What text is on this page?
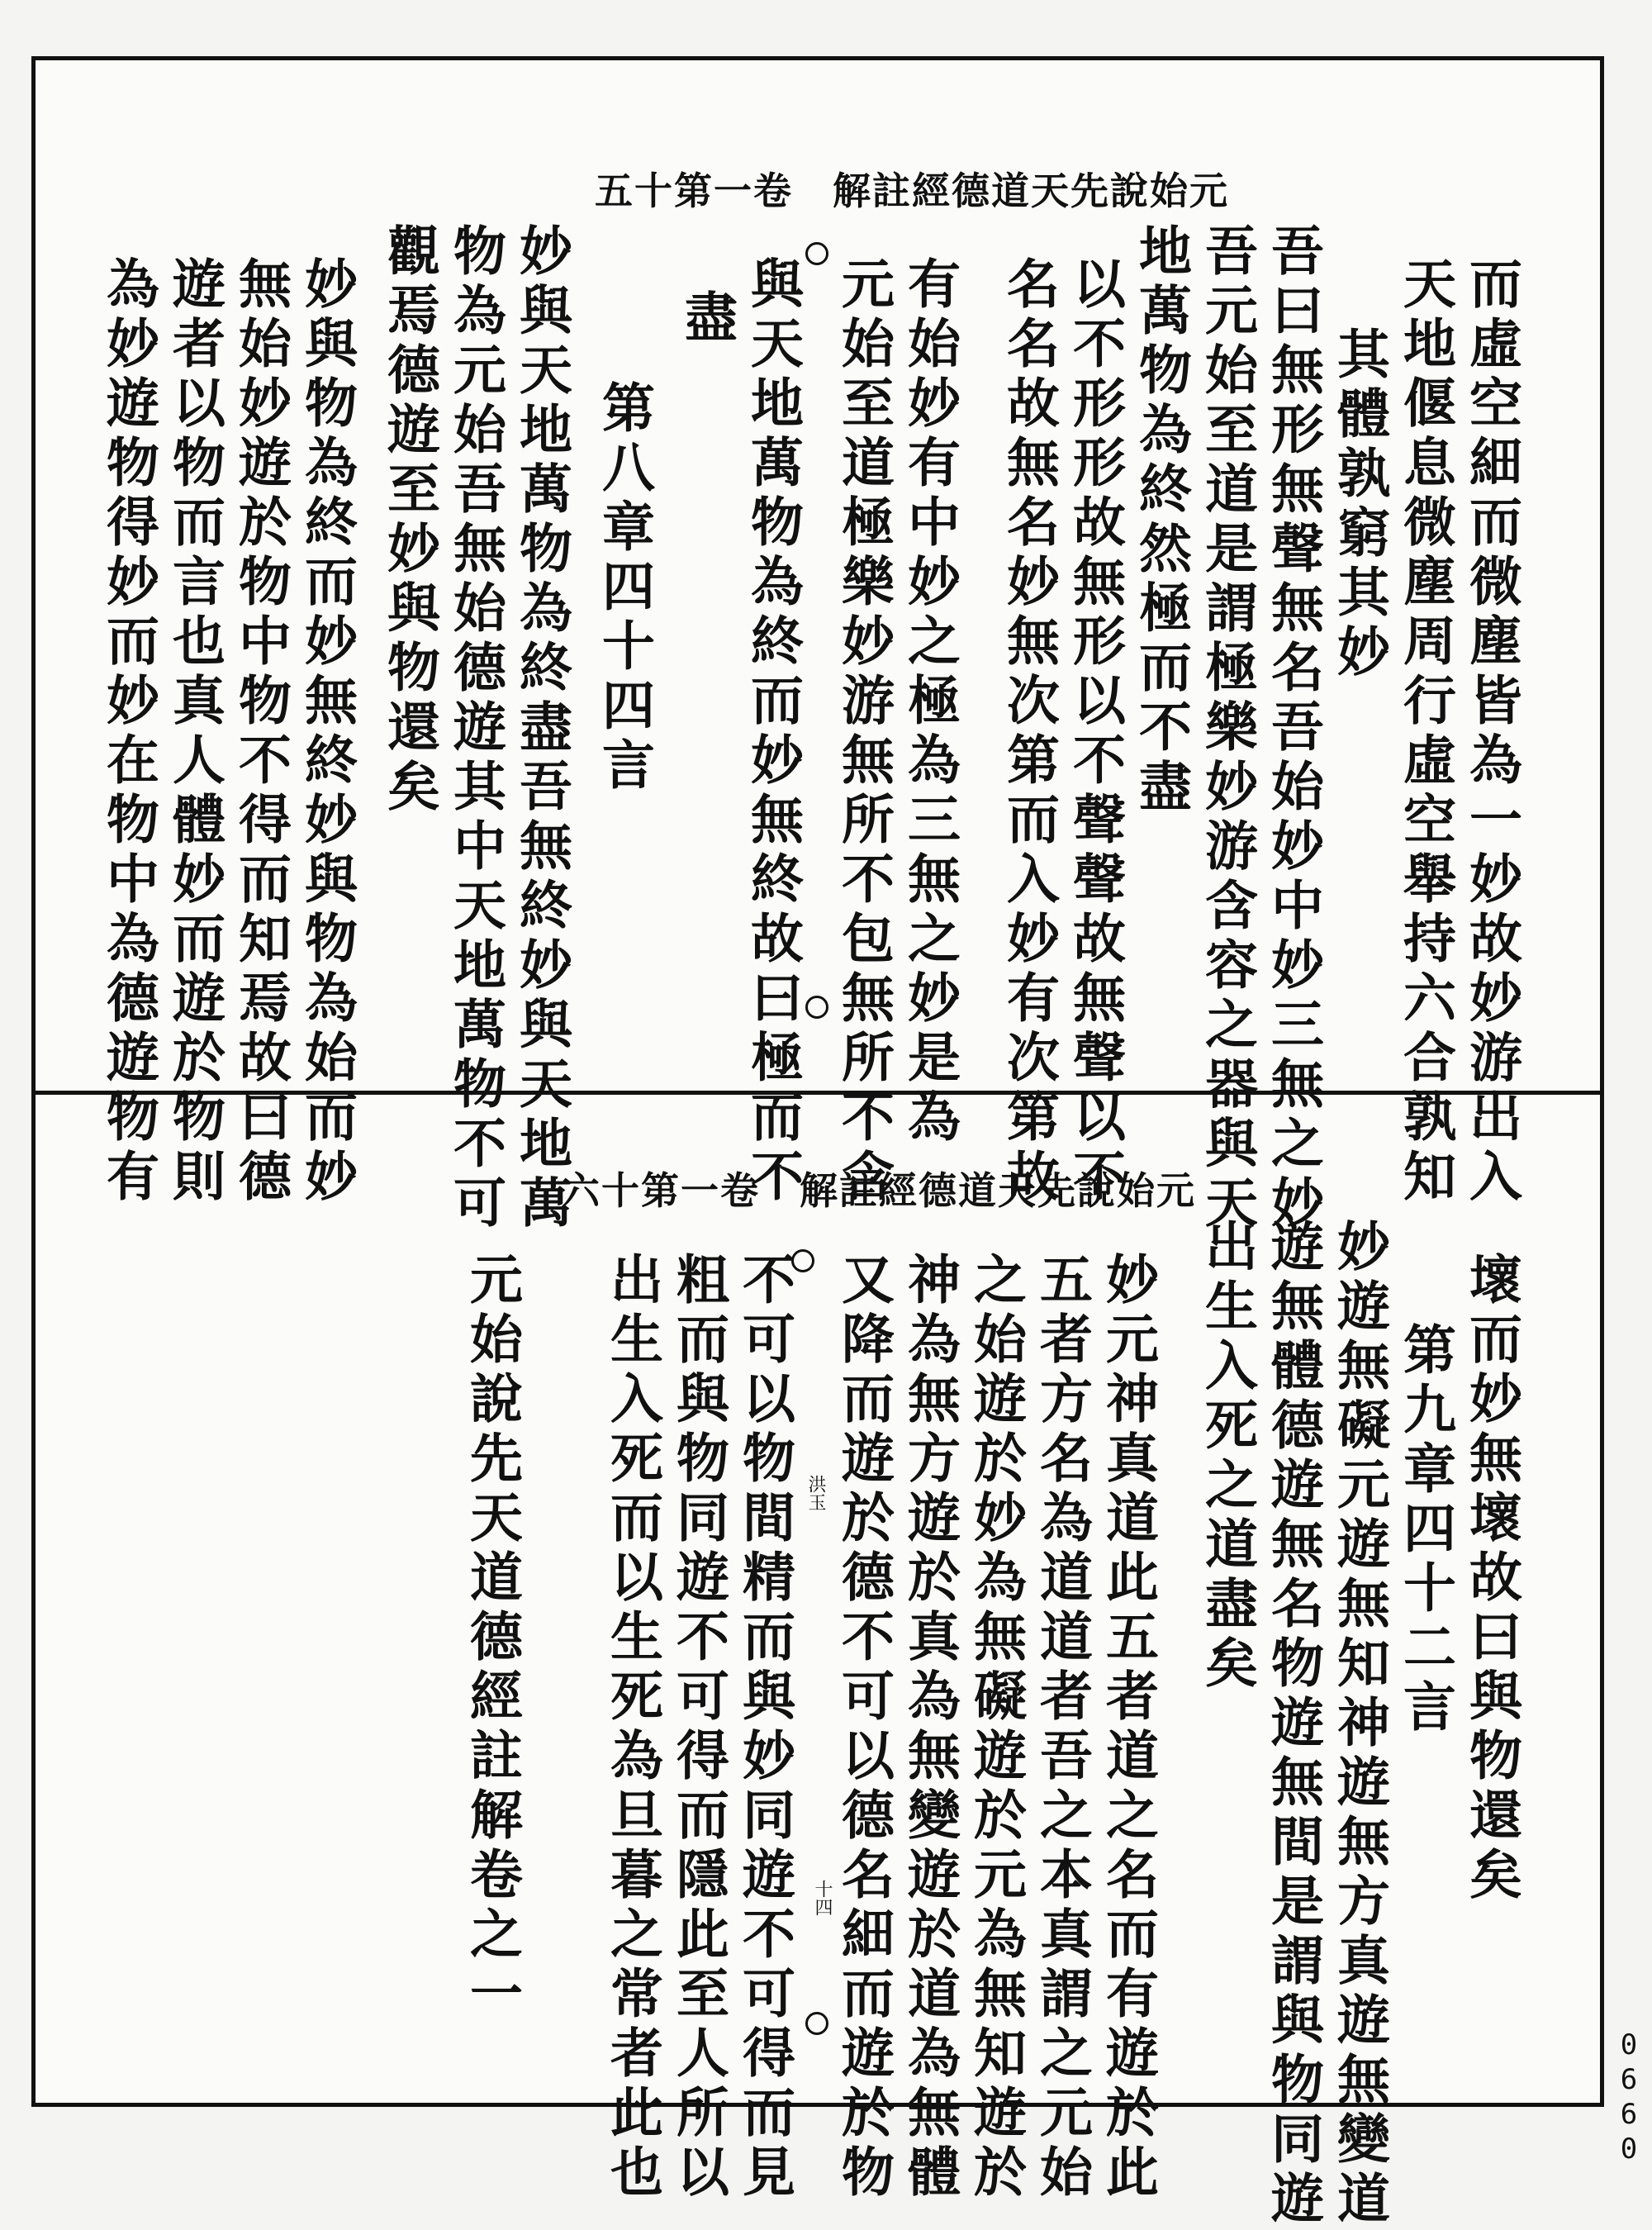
元始說先天道德經註解　卷一第十五
元始說先天道德經註解　卷一第十六	而虛空細而微塵皆為一妙故妙游出入
天地偃息微塵周行虛空舉持六合孰知
其體孰窮其妙
吾曰無形無聲無名吾始妙中妙三無之妙
吾元始至道是謂極樂妙游含容之器與天
地萬物為終然極而不盡
以不形形故無形以不聲聲故無聲以不
名名故無名妙無次第而入妙有次第故
有始妙有中妙之極為三無之妙是為
元始至道極樂妙游無所不包無所不含
與天地萬物為終而妙無終故曰極而不
盡
第八章四十四言
妙與天地萬物為終盡吾無終妙與天地萬
物為元始吾無始德遊其中天地萬物不可
觀焉德遊至妙與物還矣
妙與物為終而妙無終妙與物為始而妙
無始妙遊於物中物不得而知焉故曰德
遊者以物而言也真人體妙而遊於物則
為妙遊物得妙而妙在物中為德遊物有
壞而妙無壞故曰與物還矣
第九章四十二言
妙遊無礙元遊無知神遊無方真遊無變道
遊無體德遊無名物遊無間是謂與物同遊
出生入死之道盡矣
妙元神真道此五者道之名而有遊於此
五者方名為道道者吾之本真謂之元始
之始遊於妙為無礙遊於元為無知遊於
神為無方遊於真為無變遊於道為無體
又降而遊於德不可以德名細而遊於物
不可以物間精而與妙同遊不可得而見
粗而與物同遊不可得而隱此至人所以
出生入死而以生死為旦暮之常者此也
元始說先天道德經註解卷之一	十四
洪玉
0660
